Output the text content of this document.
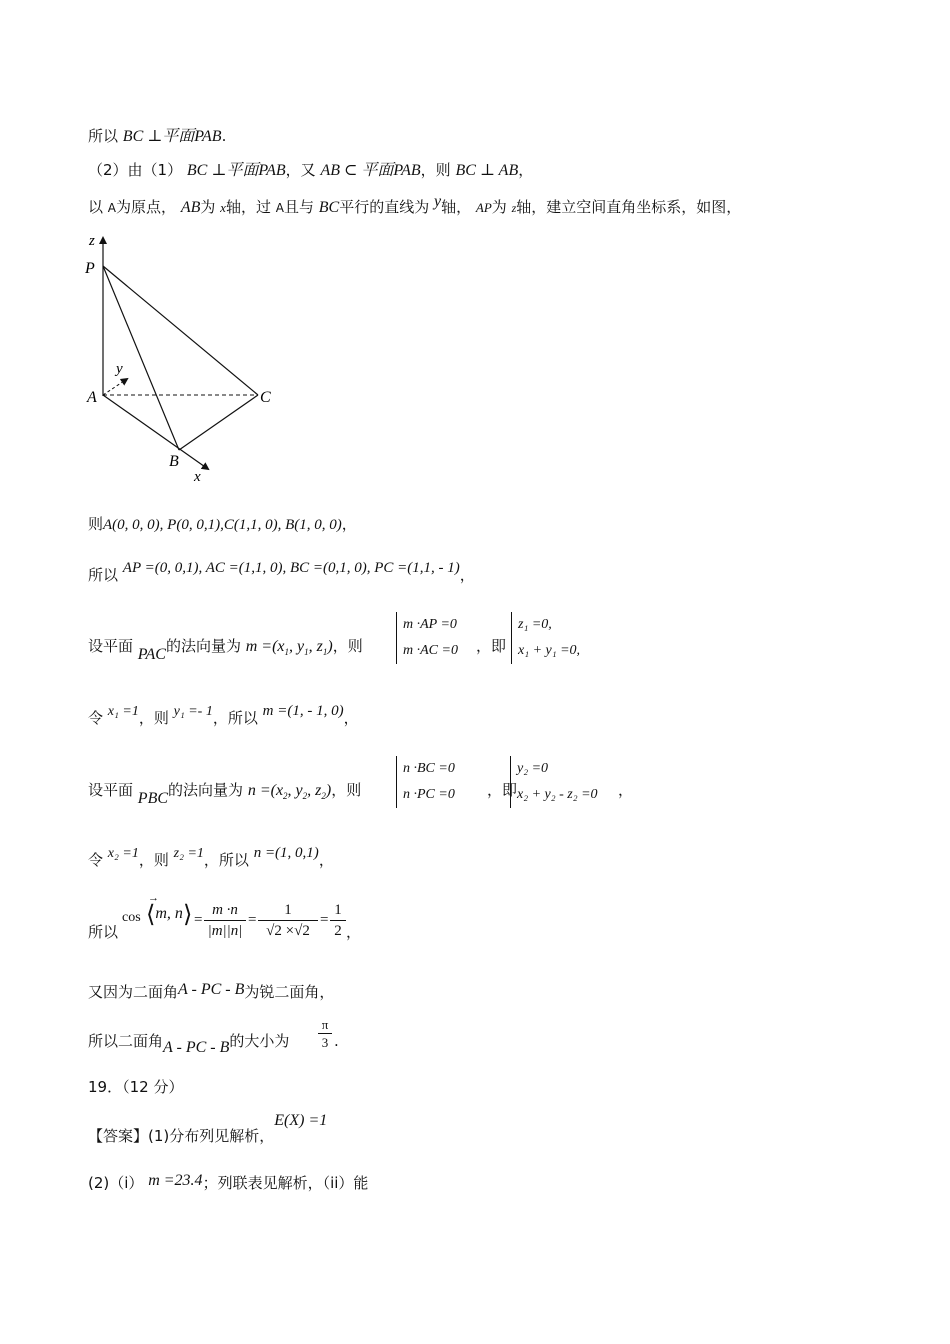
所以 BC ⊥平面PAB.
（2）由（1） BC ⊥平面PAB，又 AB ⊂ 平面PAB，则 BC ⊥ AB，
以 A为原点， AB为 x轴，过 A且与 BC平行的直线为 y轴， AP为 z轴，建立空间直角坐标系，如图，
z
P
y
A	C
B
x
则A(0, 0, 0), P(0, 0,1),C(1,1, 0), B(1, 0, 0)，
所以 AP =(0, 0,1), AC =(1,1, 0), BC =(0,1, 0), PC =(1,1, - 1)，
设平面 PAC的法向量为 $m =(x_1$, $y_1$, $z_1$)，则
m ·AP =0
m ·AC =0 ，即
z₁ =0,
x₁ + y₁ =0,
令 x₁ =1，则 y₁ =- 1，所以 m =(1, - 1, 0)，
设平面 PBC的法向量为 $n =(x_2$, $y_2$, $z_2$)，则
n ·BC =0
n ·PC =0 ，即
y₂ =0
x₂ + y₂ - z₂ =0 ，
令 x₂ =1，则 z₂ =1，所以 n =(1, 0,1)，
所以
cos
→
⟨m, n⟩ = $\frac{m \cdot n}{|m||n|} = \frac{1}{√2 \times√2} = \frac{1}{2}$ ，
又因为二面角A - PC - B为锐二面角，
所以二面角A - PC - B的大小为 $\frac{\pi}{3}$ .
19．（12 分）
【答案】(1)分布列见解析，E(X) =1
(2)（i） m =23.4；列联表见解析，（ii）能
